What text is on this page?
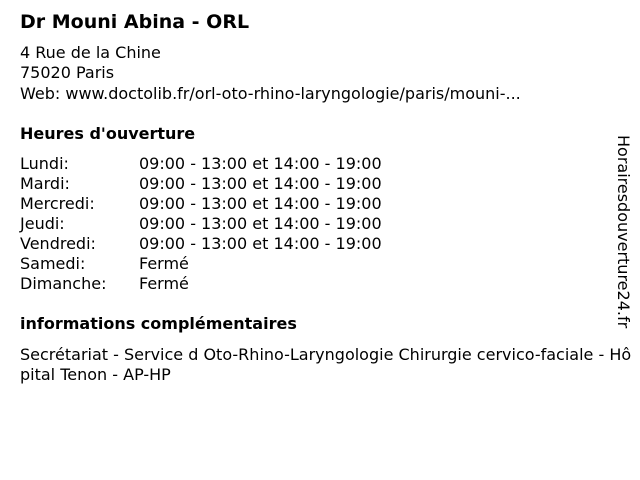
Dr Mouni Abina - ORL
4 Rue de la Chine
75020 Paris
Web: www.doctolib.fr/orl-oto-rhino-laryngologie/paris/mouni-...
Heures d'ouverture
Lundi:	09:00 - 13:00 et 14:00 - 19:00
Mardi:	09:00 - 13:00 et 14:00 - 19:00
Mercredi:	09:00 - 13:00 et 14:00 - 19:00
Jeudi:	09:00 - 13:00 et 14:00 - 19:00
Vendredi:	09:00 - 13:00 et 14:00 - 19:00
Samedi:	Fermé
Dimanche: Fermé
informations complémentaires
Secrétariat - Service d Oto-Rhino-Laryngologie Chirurgie cervico-faciale - Hôpital Tenon - AP-HP
Horairesdouverture24.fr
